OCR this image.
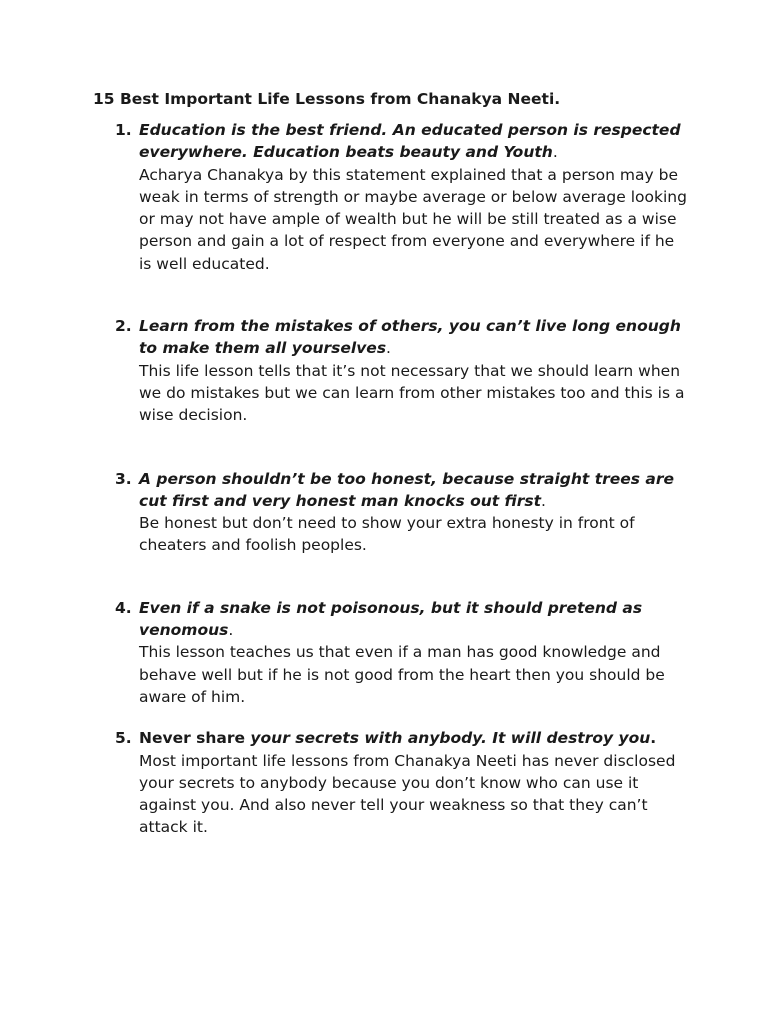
15 Best Important Life Lessons from Chanakya Neeti.
1. Education is the best friend. An educated person is respected everywhere. Education beats beauty and Youth.

Acharya Chanakya by this statement explained that a person may be weak in terms of strength or maybe average or below average looking or may not have ample of wealth but he will be still treated as a wise person and gain a lot of respect from everyone and everywhere if he is well educated.

2. Learn from the mistakes of others, you can’t live long enough to make them all yourselves.

This life lesson tells that it’s not necessary that we should learn when we do mistakes but we can learn from other mistakes too and this is a wise decision.

3. A person shouldn’t be too honest, because straight trees are cut first and very honest man knocks out first.

Be honest but don’t need to show your extra honesty in front of cheaters and foolish peoples.

4. Even if a snake is not poisonous, but it should pretend as venomous.

This lesson teaches us that even if a man has good knowledge and behave well but if he is not good from the heart then you should be aware of him.

5. Never share your secrets with anybody. It will destroy you.

Most important life lessons from Chanakya Neeti has never disclosed your secrets to anybody because you don’t know who can use it against you. And also never tell your weakness so that they can’t attack it.
